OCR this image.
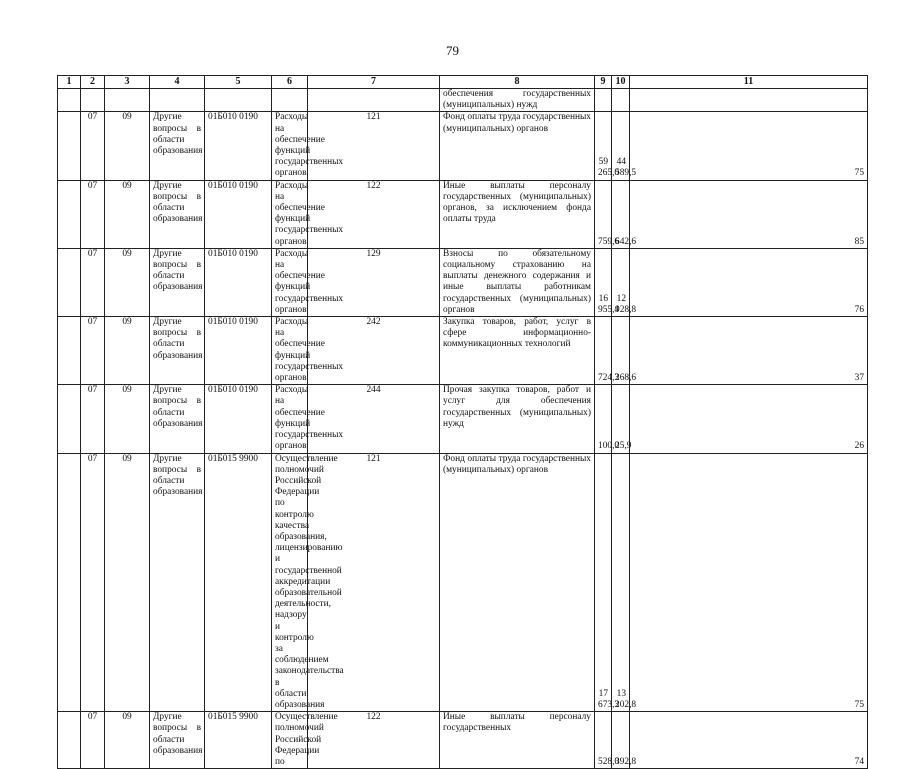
79
1	2	3	4	5	6	7	8	9	10	11
							обеспечения государственных (муниципальных) нужд			
	07	09	Другие вопросы в области образования	01Б010 0190	Расходы на обеспечение функций государственных органов	121	Фонд оплаты труда государственных (муниципальных) органов	59 265,0	44 589,5	75
	07	09	Другие вопросы в области образования	01Б010 0190	Расходы на обеспечение функций государственных органов	122	Иные выплаты персоналу государственных (муниципальных) органов, за исключением фонда оплаты труда	759,6	642,6	85
	07	09	Другие вопросы в области образования	01Б010 0190	Расходы на обеспечение функций государственных органов	129	Взносы по обязательному социальному страхованию на выплаты денежного содержания и иные выплаты работникам государственных (муниципальных) органов	16 955,4	12 928,8	76
	07	09	Другие вопросы в области образования	01Б010 0190	Расходы на обеспечение функций государственных органов	242	Закупка товаров, работ, услуг в сфере информационно-коммуникационных технологий	724,3	268,6	37
	07	09	Другие вопросы в области образования	01Б010 0190	Расходы на обеспечение функций государственных органов	244	Прочая закупка товаров, работ и услуг для обеспечения государственных (муниципальных) нужд	100,0	25,9	26
	07	09	Другие вопросы в области образования	01Б015 9900	Осуществление полномочий Российской Федерации по контролю качества образования, лицензированию и государственной аккредитации образовательной деятельности, надзору и контролю за соблюдением законодательства в области образования	121	Фонд оплаты труда государственных (муниципальных) органов	17 673,3	13 202,8	75
	07	09	Другие вопросы в области образования	01Б015 9900	Осуществление полномочий Российской Федерации по	122	Иные выплаты персоналу государственных	528,0	392,8	74
